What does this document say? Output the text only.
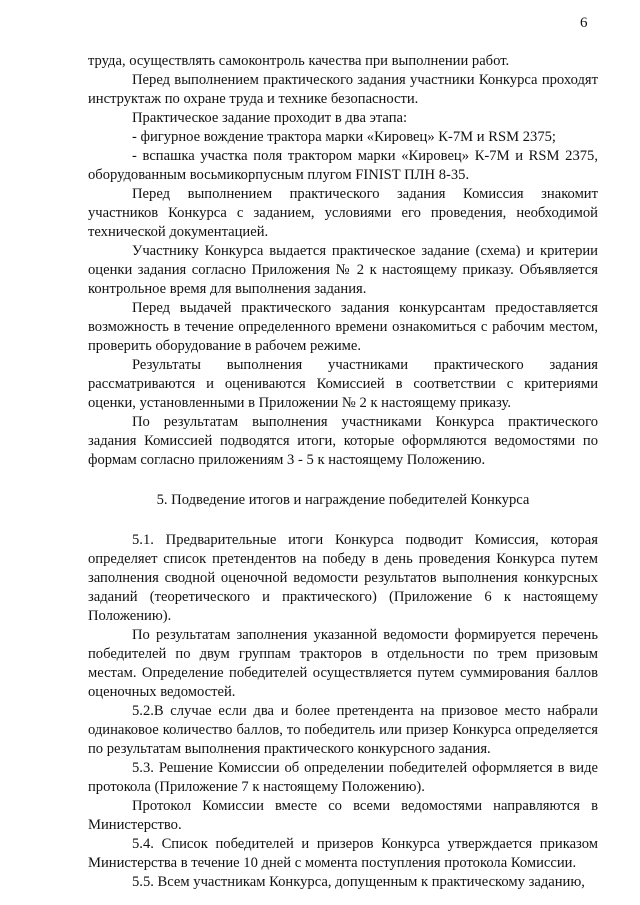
6

труда, осуществлять самоконтроль качества при выполнении работ.

Перед выполнением практического задания участники Конкурса проходят инструктаж по охране труда и технике безопасности.

Практическое задание проходит в два этапа:

- фигурное вождение трактора марки «Кировец» К-7М и RSM 2375;

- вспашка участка поля трактором марки «Кировец» К-7М и RSM 2375, оборудованным восьмикорпусным плугом FINIST ПЛН 8-35.

Перед выполнением практического задания Комиссия знакомит участников Конкурса с заданием, условиями его проведения, необходимой технической документацией.

Участнику Конкурса выдается практическое задание (схема) и критерии оценки задания согласно Приложения № 2 к настоящему приказу. Объявляется контрольное время для выполнения задания.

Перед выдачей практического задания конкурсантам предоставляется возможность в течение определенного времени ознакомиться с рабочим местом, проверить оборудование в рабочем режиме.

Результаты выполнения участниками практического задания рассматриваются и оцениваются Комиссией в соответствии с критериями оценки, установленными в Приложении № 2 к настоящему приказу.

По результатам выполнения участниками Конкурса практического задания Комиссией подводятся итоги, которые оформляются ведомостями по формам согласно приложениям 3 - 5 к настоящему Положению.

5. Подведение итогов и награждение победителей Конкурса

5.1. Предварительные итоги Конкурса подводит Комиссия, которая определяет список претендентов на победу в день проведения Конкурса путем заполнения сводной оценочной ведомости результатов выполнения конкурсных заданий (теоретического и практического) (Приложение 6 к настоящему Положению).

По результатам заполнения указанной ведомости формируется перечень победителей по двум группам тракторов в отдельности по трем призовым местам. Определение победителей осуществляется путем суммирования баллов оценочных ведомостей.

5.2.В случае если два и более претендента на призовое место набрали одинаковое количество баллов, то победитель или призер Конкурса определяется по результатам выполнения практического конкурсного задания.

5.3. Решение Комиссии об определении победителей оформляется в виде протокола (Приложение 7 к настоящему Положению).

Протокол Комиссии вместе со всеми ведомостями направляются в Министерство.

5.4. Список победителей и призеров Конкурса утверждается приказом Министерства в течение 10 дней с момента поступления протокола Комиссии.

5.5. Всем участникам Конкурса, допущенным к практическому заданию,
